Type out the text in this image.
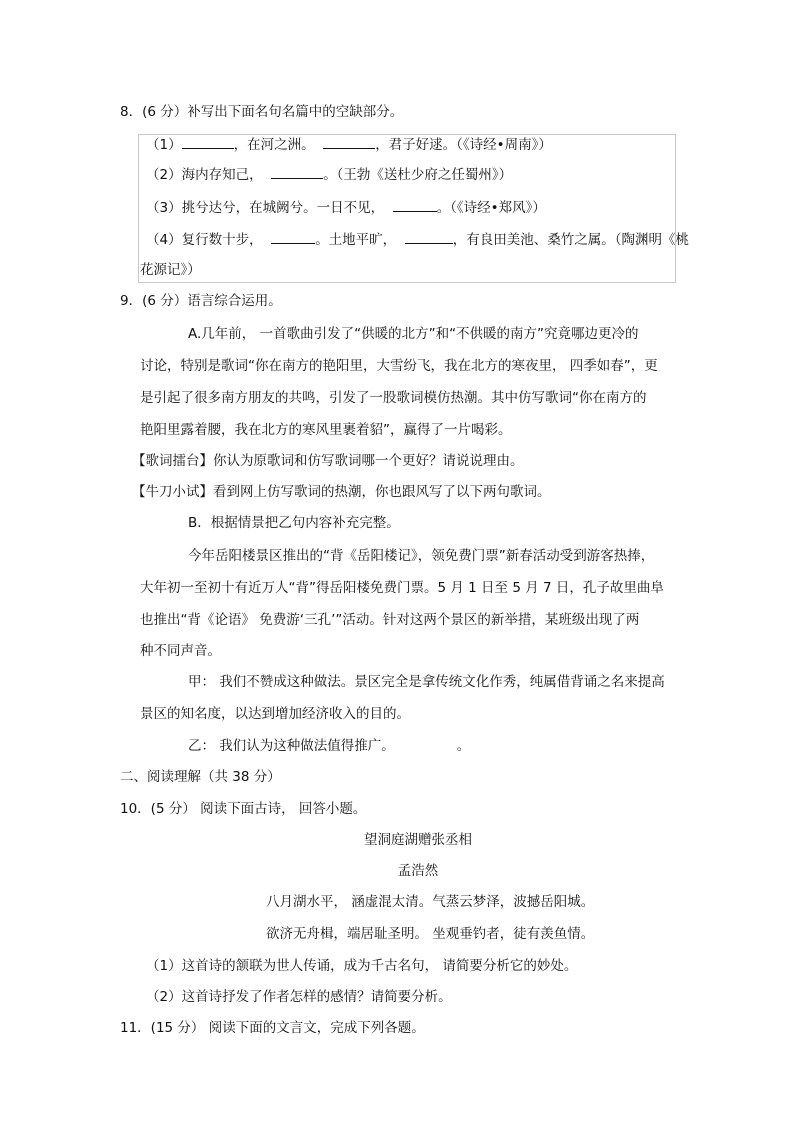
8．(6 分）补写出下面名句名篇中的空缺部分。
（1）	，在河之洲。	，君子好逑。（《诗经•周南》）
（2）海内存知己，	。（王勃《送杜少府之任蜀州》）
（3）挑兮达兮，在城阙兮。一日不见，	。（《诗经•郑风》）
（4）复行数十步，	。土地平旷，	，有良田美池、桑竹之属。（陶渊明《桃
花源记》）
9．(6 分）语言综合运用。
A.几年前， 一首歌曲引发了“供暖的北方”和“不供暖的南方”究竟哪边更冷的
讨论，特别是歌词“你在南方的艳阳里，大雪纷飞，我在北方的寒夜里， 四季如春”，更
是引起了很多南方朋友的共鸣，引发了一股歌词模仿热潮。其中仿写歌词“你在南方的
艳阳里露着腰，我在北方的寒风里裹着貂”，赢得了一片喝彩。
【歌词擂台】你认为原歌词和仿写歌词哪一个更好？请说说理由。
【牛刀小试】看到网上仿写歌词的热潮，你也跟风写了以下两句歌词。
B．根据情景把乙句内容补充完整。
今年岳阳楼景区推出的“背《岳阳楼记》，领免费门票”新春活动受到游客热捧，
大年初一至初十有近万人“背”得岳阳楼免费门票。5 月 1 日至 5 月 7 日，孔子故里曲阜
也推出“背《论语》 免费游‘三孔’”活动。针对这两个景区的新举措，某班级出现了两
种不同声音。
甲： 我们不赞成这种做法。景区完全是拿传统文化作秀，纯属借背诵之名来提高
景区的知名度，以达到增加经济收入的目的。
乙： 我们认为这种做法值得推广。	。
二、阅读理解（共 38 分）
10．(5 分） 阅读下面古诗， 回答小题。
望洞庭湖赠张丞相
孟浩然
八月湖水平， 涵虚混太清。气蒸云梦泽，波撼岳阳城。
欲济无舟楫，端居耻圣明。 坐观垂钓者，徒有羡鱼情。
（1）这首诗的颔联为世人传诵，成为千古名句， 请简要分析它的妙处。
（2）这首诗抒发了作者怎样的感情？请简要分析。
11．(15 分） 阅读下面的文言文，完成下列各题。
